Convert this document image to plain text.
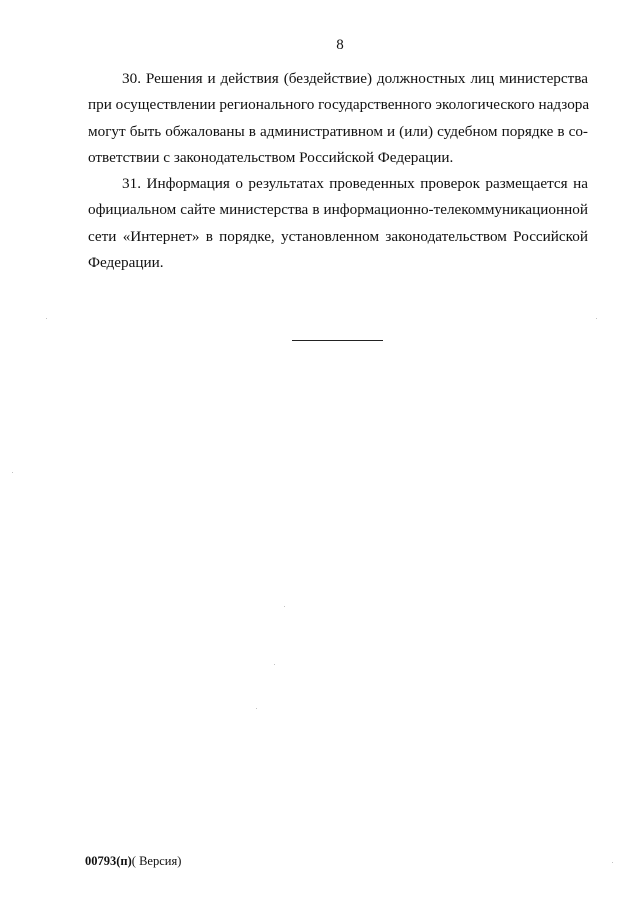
8
30. Решения и действия (бездействие) должностных лиц министерства
при осуществлении регионального государственного экологического надзора
могут быть обжалованы в административном и (или) судебном порядке в со-
ответствии с законодательством Российской Федерации.
31. Информация о результатах проведенных проверок размещается на
официальном сайте министерства в информационно-телекоммуникационной
сети «Интернет» в порядке, установленном законодательством Российской
Федерации.
00793(п)( Версия)
